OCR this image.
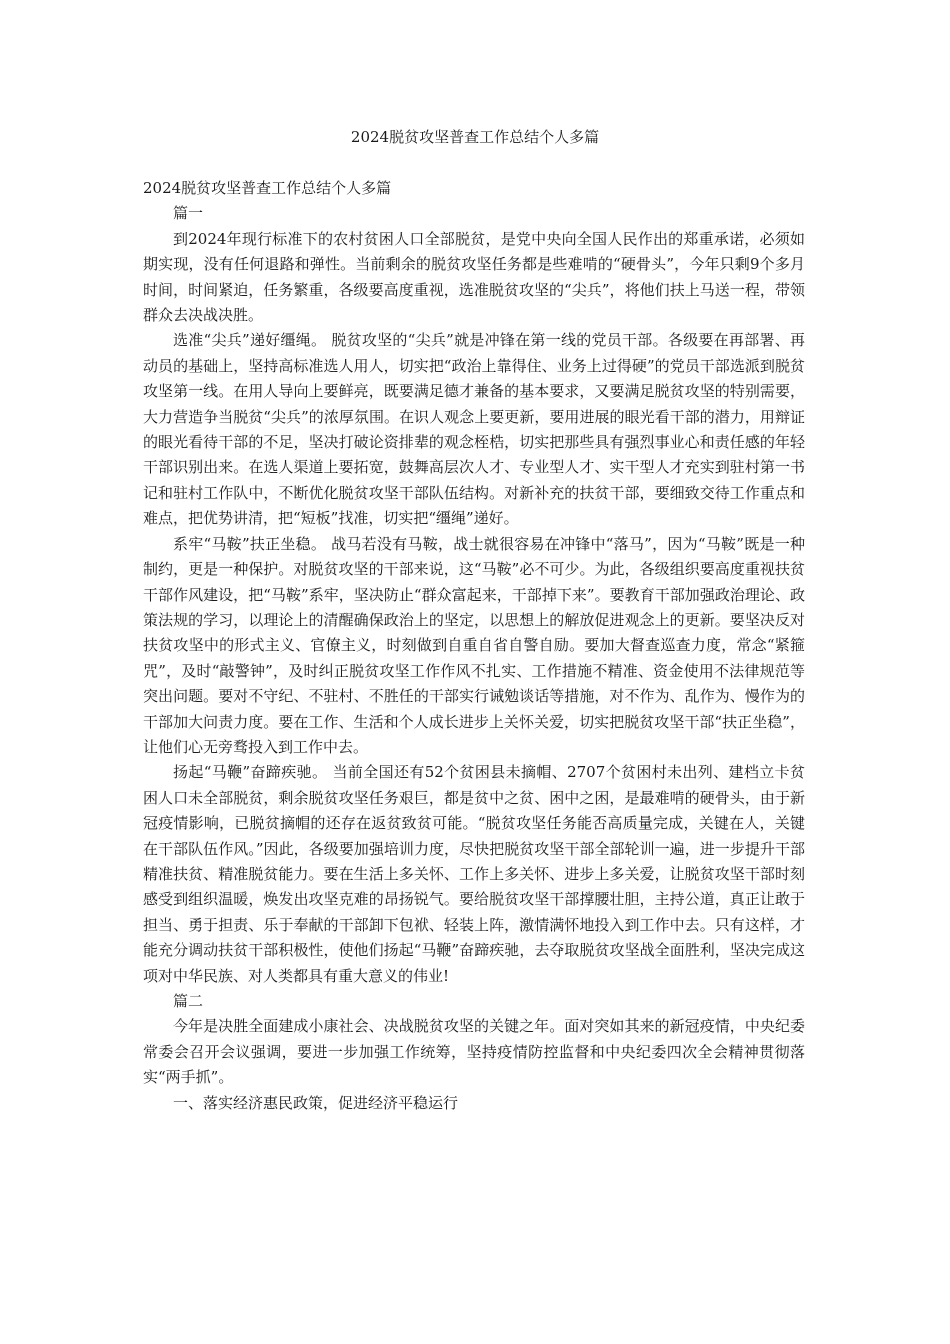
2024脱贫攻坚普查工作总结个人多篇

2024脱贫攻坚普查工作总结个人多篇

篇一

到2024年现行标准下的农村贫困人口全部脱贫，是党中央向全国人民作出的郑重承诺，必须如期实现，没有任何退路和弹性。当前剩余的脱贫攻坚任务都是些难啃的“硬骨头”，今年只剩9个多月时间，时间紧迫，任务繁重，各级要高度重视，选准脱贫攻坚的“尖兵”，将他们扶上马送一程，带领群众去决战决胜。

选准“尖兵”递好缰绳。 脱贫攻坚的“尖兵”就是冲锋在第一线的党员干部。各级要在再部署、再动员的基础上，坚持高标准选人用人，切实把“政治上靠得住、业务上过得硬”的党员干部选派到脱贫攻坚第一线。在用人导向上要鲜亮，既要满足德才兼备的基本要求，又要满足脱贫攻坚的特别需要，大力营造争当脱贫“尖兵”的浓厚氛围。在识人观念上要更新，要用进展的眼光看干部的潜力，用辩证的眼光看待干部的不足，坚决打破论资排辈的观念桎梏，切实把那些具有强烈事业心和责任感的年轻干部识别出来。在选人渠道上要拓宽，鼓舞高层次人才、专业型人才、实干型人才充实到驻村第一书记和驻村工作队中，不断优化脱贫攻坚干部队伍结构。对新补充的扶贫干部，要细致交待工作重点和难点，把优势讲清，把“短板”找准，切实把“缰绳”递好。

系牢“马鞍”扶正坐稳。 战马若没有马鞍，战士就很容易在冲锋中“落马”，因为“马鞍”既是一种制约，更是一种保护。对脱贫攻坚的干部来说，这“马鞍”必不可少。为此，各级组织要高度重视扶贫干部作风建设，把“马鞍”系牢，坚决防止“群众富起来，干部掉下来”。要教育干部加强政治理论、政策法规的学习，以理论上的清醒确保政治上的坚定，以思想上的解放促进观念上的更新。要坚决反对扶贫攻坚中的形式主义、官僚主义，时刻做到自重自省自警自励。要加大督查巡查力度，常念“紧箍咒”，及时“敲警钟”，及时纠正脱贫攻坚工作作风不扎实、工作措施不精准、资金使用不法律规范等突出问题。要对不守纪、不驻村、不胜任的干部实行诫勉谈话等措施，对不作为、乱作为、慢作为的干部加大问责力度。要在工作、生活和个人成长进步上关怀关爱，切实把脱贫攻坚干部“扶正坐稳”，让他们心无旁骛投入到工作中去。

扬起“马鞭”奋蹄疾驰。 当前全国还有52个贫困县未摘帽、2707个贫困村未出列、建档立卡贫困人口未全部脱贫，剩余脱贫攻坚任务艰巨，都是贫中之贫、困中之困，是最难啃的硬骨头，由于新冠疫情影响，已脱贫摘帽的还存在返贫致贫可能。“脱贫攻坚任务能否高质量完成，关键在人，关键在干部队伍作风。”因此，各级要加强培训力度，尽快把脱贫攻坚干部全部轮训一遍，进一步提升干部精准扶贫、精准脱贫能力。要在生活上多关怀、工作上多关怀、进步上多关爱，让脱贫攻坚干部时刻感受到组织温暖，焕发出攻坚克难的昂扬锐气。要给脱贫攻坚干部撑腰壮胆，主持公道，真正让敢于担当、勇于担责、乐于奉献的干部卸下包袱、轻装上阵，激情满怀地投入到工作中去。只有这样，才能充分调动扶贫干部积极性，使他们扬起“马鞭”奋蹄疾驰，去夺取脱贫攻坚战全面胜利，坚决完成这项对中华民族、对人类都具有重大意义的伟业!

篇二

今年是决胜全面建成小康社会、决战脱贫攻坚的关键之年。面对突如其来的新冠疫情，中央纪委常委会召开会议强调，要进一步加强工作统筹，坚持疫情防控监督和中央纪委四次全会精神贯彻落实“两手抓”。

一、落实经济惠民政策，促进经济平稳运行
